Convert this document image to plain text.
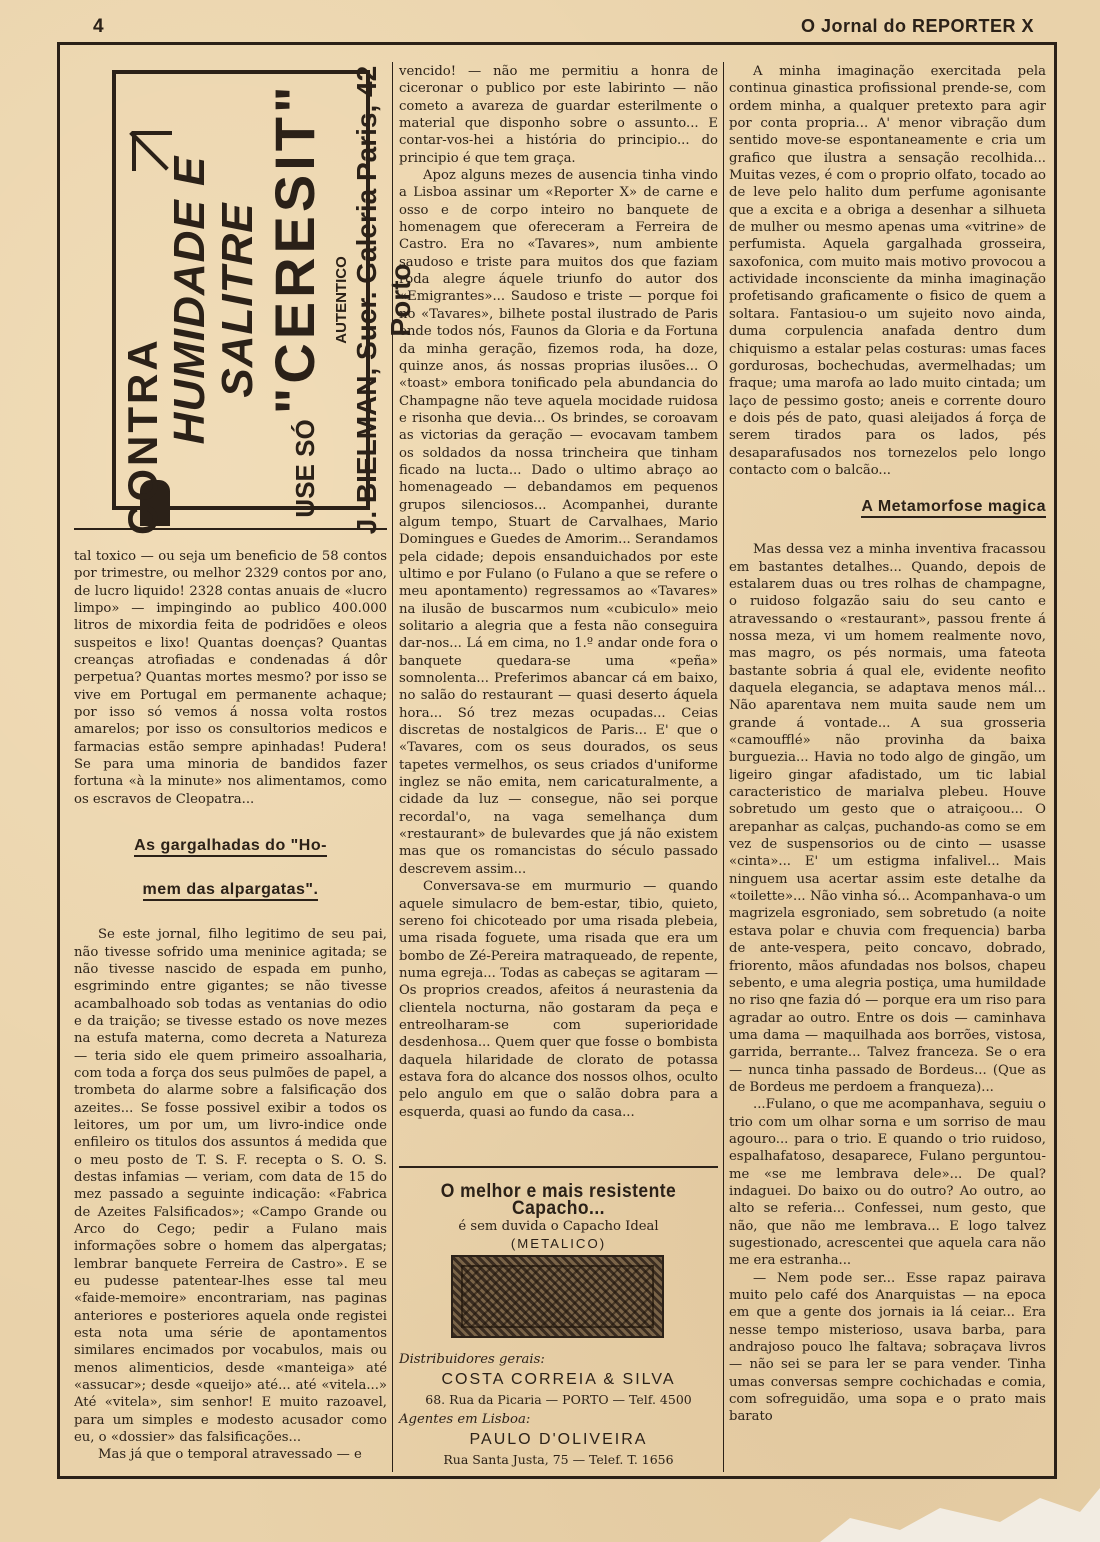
4	O Jornal do REPORTER X
CONTRA HUMIDADE E SALITRE
USE SÓ "CERESIT" AUTENTICO J. BIELMAN, Sucr. Galeria Paris, 42 Porto

tal toxico — ou seja um beneficio de 58 contos por trimestre, ou melhor 2329 contos por ano, de lucro liquido! 2328 contas anuais de «lucro limpo» — impingindo ao publico 400.000 litros de mixordia feita de podridões e oleos suspeitos e lixo! Quantas doenças? Quantas creanças atrofiadas e condenadas á dôr perpetua? Quantas mortes mesmo? por isso se vive em Portugal em permanente achaque; por isso só vemos á nossa volta rostos amarelos; por isso os consultorios medicos e farmacias estão sempre apinhadas! Pudera! Se para uma minoria de bandidos fazer fortuna «à la minute» nos alimentamos, como os escravos de Cleopatra...

As gargalhadas do "Ho-
mem das alpargatas".

Se este jornal, filho legitimo de seu pai, não tivesse sofrido uma meninice agitada; se não tivesse nascido de espada em punho, esgrimindo entre gigantes; se não tivesse acambalhoado sob todas as ventanias do odio e da traição; se tivesse estado os nove mezes na estufa materna, como decreta a Natureza — teria sido ele quem primeiro assoalharia, com toda a força dos seus pulmões de papel, a trombeta do alarme sobre a falsificação dos azeites... Se fosse possivel exibir a todos os leitores, um por um, um livro-indice onde enfileiro os titulos dos assuntos á medida que o meu posto de T. S. F. recepta o S. O. S. destas infamias — veriam, com data de 15 do mez passado a seguinte indicação: «Fabrica de Azeites Falsificados»; «Campo Grande ou Arco do Cego; pedir a Fulano mais informações sobre o homem das alpergatas; lembrar banquete Ferreira de Castro». E se eu pudesse patentear-lhes esse tal meu «faide-memoire» encontrariam, nas paginas anteriores e posteriores aquela onde registei esta nota uma série de apontamentos similares encimados por vocabulos, mais ou menos alimenticios, desde «manteiga» até «assucar»; desde «queijo» até... até «vitela...» Até «vitela», sim senhor! E muito razoavel, para um simples e modesto acusador como eu, o «dossier» das falsificações...

Mas já que o temporal atravessado — e

vencido! — não me permitiu a honra de ciceronar o publico por este labirinto — não cometo a avareza de guardar esterilmente o material que disponho sobre o assunto... E contar-vos-hei a história do principio... do principio é que tem graça.

Apoz alguns mezes de ausencia tinha vindo a Lisboa assinar um «Reporter X» de carne e osso e de corpo inteiro no banquete de homenagem que ofereceram a Ferreira de Castro. Era no «Tavares», num ambiente saudoso e triste para muitos dos que faziam roda alegre áquele triunfo do autor dos «Emigrantes»... Saudoso e triste — porque foi no «Tavares», bilhete postal ilustrado de Paris onde todos nós, Faunos da Gloria e da Fortuna da minha geração, fizemos roda, ha doze, quinze anos, ás nossas proprias ilusões... O «toast» embora tonificado pela abundancia do Champagne não teve aquela mocidade ruidosa e risonha que devia... Os brindes, se coroavam as victorias da geração — evocavam tambem os soldados da nossa trincheira que tinham ficado na lucta... Dado o ultimo abraço ao homenageado — debandamos em pequenos grupos silenciosos... Acompanhei, durante algum tempo, Stuart de Carvalhaes, Mario Domingues e Guedes de Amorim... Serandamos pela cidade; depois ensanduichados por este ultimo e por Fulano (o Fulano a que se refere o meu apontamento) regressamos ao «Tavares» na ilusão de buscarmos num «cubiculo» meio solitario a alegria que a festa não conseguira dar-nos... Lá em cima, no 1.º andar onde fora o banquete quedara-se uma «peña» somnolenta... Preferimos abancar cá em baixo, no salão do restaurant — quasi deserto áquela hora... Só trez mezas ocupadas... Ceias discretas de nostalgicos de Paris... E' que o «Tavares, com os seus dourados, os seus tapetes vermelhos, os seus criados d'uniforme inglez se não emita, nem caricaturalmente, a cidade da luz — consegue, não sei porque recordal'o, na vaga semelhança dum «restaurant» de bulevardes que já não existem mas que os romancistas do século passado descrevem assim...

Conversava-se em murmurio — quando aquele simulacro de bem-estar, tibio, quieto, sereno foi chicoteado por uma risada plebeia, uma risada foguete, uma risada que era um bombo de Zé-Pereira matraqueado, de repente, numa egreja... Todas as cabeças se agitaram — Os proprios creados, afeitos á neurastenia da clientela nocturna, não gostaram da peça e entreolharam-se com superioridade desdenhosa... Quem quer que fosse o bombista daquela hilaridade de clorato de potassa estava fora do alcance dos nossos olhos, oculto pelo angulo em que o salão dobra para a esquerda, quasi ao fundo da casa...

O melhor e mais resistente Capacho...
é sem duvida o Capacho Ideal
(METALICO)
Distribuidores gerais:
COSTA CORREIA & SILVA
68. Rua da Picaria — PORTO — Telf. 4500
Agentes em Lisboa:
PAULO D'OLIVEIRA
Rua Santa Justa, 75 — Telef. T. 1656

A minha imaginação exercitada pela continua ginastica profissional prende-se, com ordem minha, a qualquer pretexto para agir por conta propria... A' menor vibração dum sentido move-se espontaneamente e cria um grafico que ilustra a sensação recolhida... Muitas vezes, é com o proprio olfato, tocado ao de leve pelo halito dum perfume agonisante que a excita e a obriga a desenhar a silhueta de mulher ou mesmo apenas uma «vitrine» de perfumista. Aquela gargalhada grosseira, saxofonica, com muito mais motivo provocou a actividade inconsciente da minha imaginação profetisando graficamente o fisico de quem a soltara. Fantasiou-o um sujeito novo ainda, duma corpulencia anafada dentro dum chiquismo a estalar pelas costuras: umas faces gordurosas, bochechudas, avermelhadas; um fraque; uma marofa ao lado muito cintada; um laço de pessimo gosto; aneis e corrente douro e dois pés de pato, quasi aleijados á força de serem tirados para os lados, pés desaparafusados nos tornezelos pelo longo contacto com o balcão...

A Metamorfose magica

Mas dessa vez a minha inventiva fracassou em bastantes detalhes... Quando, depois de estalarem duas ou tres rolhas de champagne, o ruidoso folgazão saiu do seu canto e atravessando o «restaurant», passou frente á nossa meza, vi um homem realmente novo, mas magro, os pés normais, uma fateota bastante sobria á qual ele, evidente neofito daquela elegancia, se adaptava menos mál... Não aparentava nem muita saude nem um grande á vontade... A sua grosseria «camoufflé» não provinha da baixa burguezia... Havia no todo algo de gingão, um ligeiro gingar afadistado, um tic labial caracteristico de marialva plebeu. Houve sobretudo um gesto que o atraiçoou... O arepanhar as calças, puchando-as como se em vez de suspensorios ou de cinto — usasse «cinta»... E' um estigma infalivel... Mais ninguem usa acertar assim este detalhe da «toilette»... Não vinha só... Acompanhava-o um magrizela esgroniado, sem sobretudo (a noite estava polar e chuvia com frequencia) barba de ante-vespera, peito concavo, dobrado, friorento, mãos afundadas nos bolsos, chapeu sebento, e uma alegria postiça, uma humildade no riso qne fazia dó — porque era um riso para agradar ao outro. Entre os dois — caminhava uma dama — maquilhada aos borrões, vistosa, garrida, berrante... Talvez franceza. Se o era — nunca tinha passado de Bordeus... (Que as de Bordeus me perdoem a franqueza)...

...Fulano, o que me acompanhava, seguiu o trio com um olhar sorna e um sorriso de mau agouro... para o trio. E quando o trio ruidoso, espalhafatoso, desaparece, Fulano perguntou-me «se me lembrava dele»... De qual? indaguei. Do baixo ou do outro? Ao outro, ao alto se referia... Confessei, num gesto, que não, que não me lembrava... E logo talvez sugestionado, acrescentei que aquela cara não me era estranha...

— Nem pode ser... Esse rapaz pairava muito pelo café dos Anarquistas — na epoca em que a gente dos jornais ia lá ceiar... Era nesse tempo misterioso, usava barba, para andrajoso pouco lhe faltava; sobraçava livros — não sei se para ler se para vender. Tinha umas conversas sempre cochichadas e comia, com sofreguidão, uma sopa e o prato mais barato
